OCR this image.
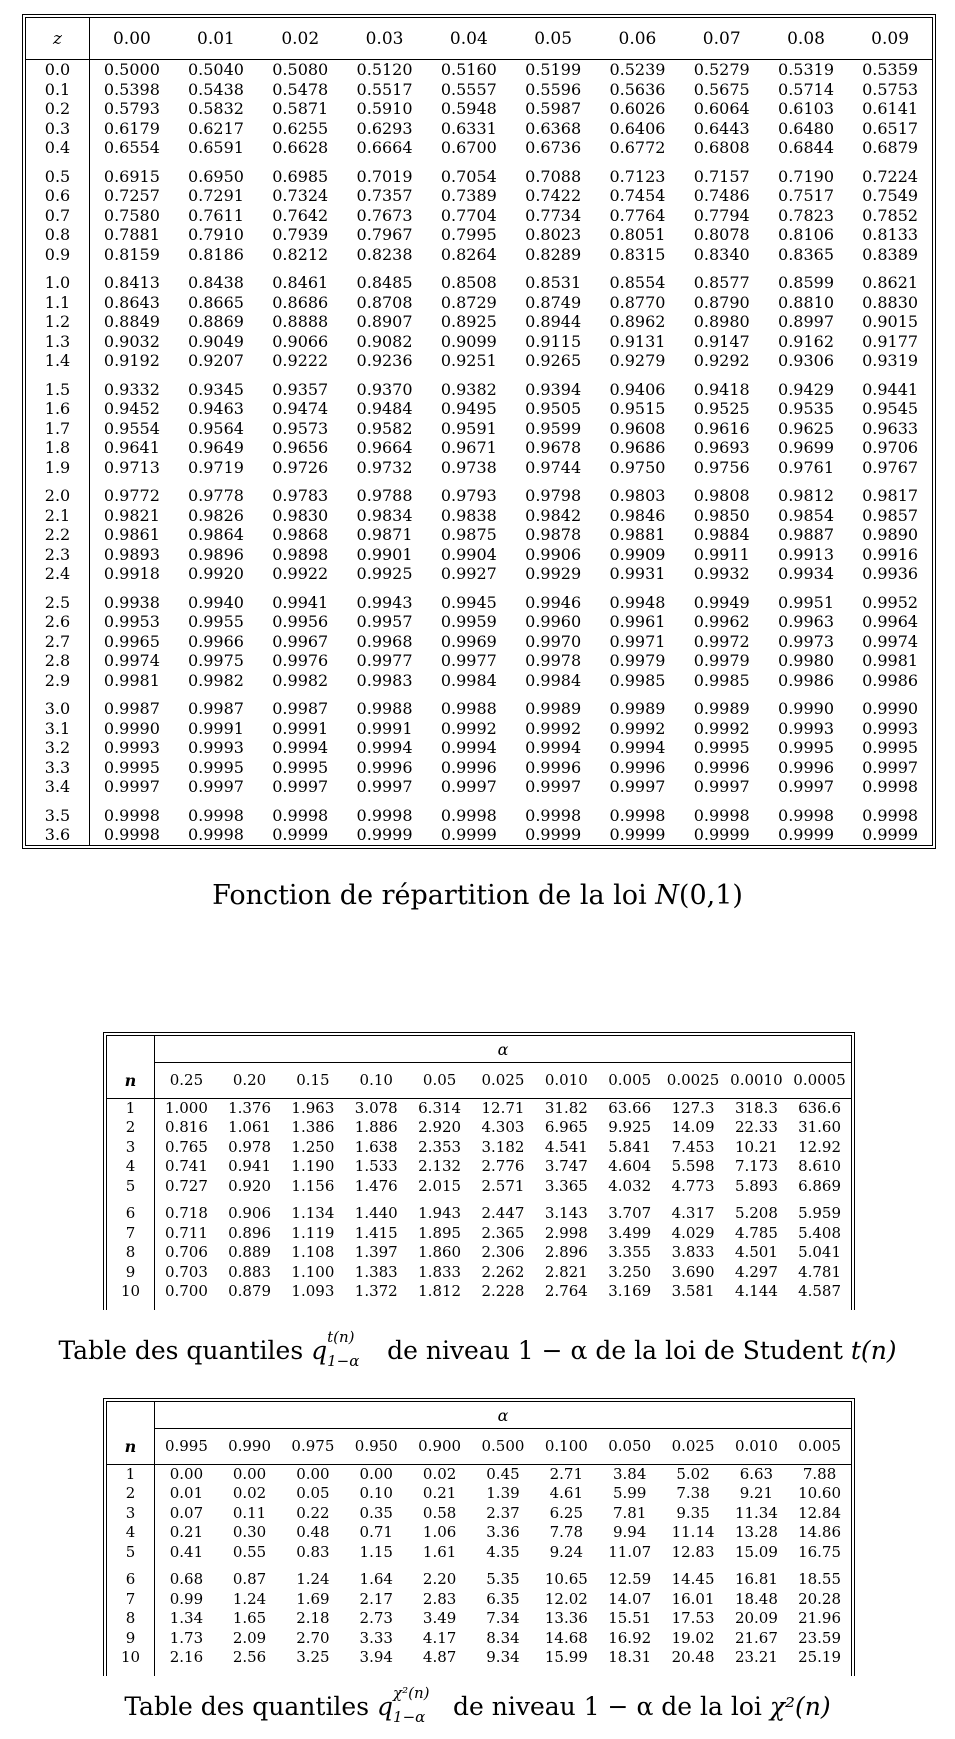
z	0.00	0.01	0.02	0.03	0.04	0.05	0.06	0.07	0.08	0.09
0.0	0.5000	0.5040	0.5080	0.5120	0.5160	0.5199	0.5239	0.5279	0.5319	0.5359
0.1	0.5398	0.5438	0.5478	0.5517	0.5557	0.5596	0.5636	0.5675	0.5714	0.5753
0.2	0.5793	0.5832	0.5871	0.5910	0.5948	0.5987	0.6026	0.6064	0.6103	0.6141
0.3	0.6179	0.6217	0.6255	0.6293	0.6331	0.6368	0.6406	0.6443	0.6480	0.6517
0.4	0.6554	0.6591	0.6628	0.6664	0.6700	0.6736	0.6772	0.6808	0.6844	0.6879

0.5	0.6915	0.6950	0.6985	0.7019	0.7054	0.7088	0.7123	0.7157	0.7190	0.7224
0.6	0.7257	0.7291	0.7324	0.7357	0.7389	0.7422	0.7454	0.7486	0.7517	0.7549
0.7	0.7580	0.7611	0.7642	0.7673	0.7704	0.7734	0.7764	0.7794	0.7823	0.7852
0.8	0.7881	0.7910	0.7939	0.7967	0.7995	0.8023	0.8051	0.8078	0.8106	0.8133
0.9	0.8159	0.8186	0.8212	0.8238	0.8264	0.8289	0.8315	0.8340	0.8365	0.8389

1.0	0.8413	0.8438	0.8461	0.8485	0.8508	0.8531	0.8554	0.8577	0.8599	0.8621
1.1	0.8643	0.8665	0.8686	0.8708	0.8729	0.8749	0.8770	0.8790	0.8810	0.8830
1.2	0.8849	0.8869	0.8888	0.8907	0.8925	0.8944	0.8962	0.8980	0.8997	0.9015
1.3	0.9032	0.9049	0.9066	0.9082	0.9099	0.9115	0.9131	0.9147	0.9162	0.9177
1.4	0.9192	0.9207	0.9222	0.9236	0.9251	0.9265	0.9279	0.9292	0.9306	0.9319

1.5	0.9332	0.9345	0.9357	0.9370	0.9382	0.9394	0.9406	0.9418	0.9429	0.9441
1.6	0.9452	0.9463	0.9474	0.9484	0.9495	0.9505	0.9515	0.9525	0.9535	0.9545
1.7	0.9554	0.9564	0.9573	0.9582	0.9591	0.9599	0.9608	0.9616	0.9625	0.9633
1.8	0.9641	0.9649	0.9656	0.9664	0.9671	0.9678	0.9686	0.9693	0.9699	0.9706
1.9	0.9713	0.9719	0.9726	0.9732	0.9738	0.9744	0.9750	0.9756	0.9761	0.9767

2.0	0.9772	0.9778	0.9783	0.9788	0.9793	0.9798	0.9803	0.9808	0.9812	0.9817
2.1	0.9821	0.9826	0.9830	0.9834	0.9838	0.9842	0.9846	0.9850	0.9854	0.9857
2.2	0.9861	0.9864	0.9868	0.9871	0.9875	0.9878	0.9881	0.9884	0.9887	0.9890
2.3	0.9893	0.9896	0.9898	0.9901	0.9904	0.9906	0.9909	0.9911	0.9913	0.9916
2.4	0.9918	0.9920	0.9922	0.9925	0.9927	0.9929	0.9931	0.9932	0.9934	0.9936

2.5	0.9938	0.9940	0.9941	0.9943	0.9945	0.9946	0.9948	0.9949	0.9951	0.9952
2.6	0.9953	0.9955	0.9956	0.9957	0.9959	0.9960	0.9961	0.9962	0.9963	0.9964
2.7	0.9965	0.9966	0.9967	0.9968	0.9969	0.9970	0.9971	0.9972	0.9973	0.9974
2.8	0.9974	0.9975	0.9976	0.9977	0.9977	0.9978	0.9979	0.9979	0.9980	0.9981
2.9	0.9981	0.9982	0.9982	0.9983	0.9984	0.9984	0.9985	0.9985	0.9986	0.9986

3.0	0.9987	0.9987	0.9987	0.9988	0.9988	0.9989	0.9989	0.9989	0.9990	0.9990
3.1	0.9990	0.9991	0.9991	0.9991	0.9992	0.9992	0.9992	0.9992	0.9993	0.9993
3.2	0.9993	0.9993	0.9994	0.9994	0.9994	0.9994	0.9994	0.9995	0.9995	0.9995
3.3	0.9995	0.9995	0.9995	0.9996	0.9996	0.9996	0.9996	0.9996	0.9996	0.9997
3.4	0.9997	0.9997	0.9997	0.9997	0.9997	0.9997	0.9997	0.9997	0.9997	0.9998

3.5	0.9998	0.9998	0.9998	0.9998	0.9998	0.9998	0.9998	0.9998	0.9998	0.9998
3.6	0.9998	0.9998	0.9999	0.9999	0.9999	0.9999	0.9999	0.9999	0.9999	0.9999
Fonction de répartition de la loi N(0,1)
	α										
n	0.25	0.20	0.15	0.10	0.05	0.025	0.010	0.005	0.0025	0.0010	0.0005
1	1.000	1.376	1.963	3.078	6.314	12.71	31.82	63.66	127.3	318.3	636.6
2	0.816	1.061	1.386	1.886	2.920	4.303	6.965	9.925	14.09	22.33	31.60
3	0.765	0.978	1.250	1.638	2.353	3.182	4.541	5.841	7.453	10.21	12.92
4	0.741	0.941	1.190	1.533	2.132	2.776	3.747	4.604	5.598	7.173	8.610
5	0.727	0.920	1.156	1.476	2.015	2.571	3.365	4.032	4.773	5.893	6.869

6	0.718	0.906	1.134	1.440	1.943	2.447	3.143	3.707	4.317	5.208	5.959
7	0.711	0.896	1.119	1.415	1.895	2.365	2.998	3.499	4.029	4.785	5.408
8	0.706	0.889	1.108	1.397	1.860	2.306	2.896	3.355	3.833	4.501	5.041
9	0.703	0.883	1.100	1.383	1.833	2.262	2.821	3.250	3.690	4.297	4.781
10	0.700	0.879	1.093	1.372	1.812	2.228	2.764	3.169	3.581	4.144	4.587

Table des quantiles q t(n)
1−α de niveau 1 − α de la loi de Student t(n)
	α										
n	0.995	0.990	0.975	0.950	0.900	0.500	0.100	0.050	0.025	0.010	0.005
1	0.00	0.00	0.00	0.00	0.02	0.45	2.71	3.84	5.02	6.63	7.88
2	0.01	0.02	0.05	0.10	0.21	1.39	4.61	5.99	7.38	9.21	10.60
3	0.07	0.11	0.22	0.35	0.58	2.37	6.25	7.81	9.35	11.34	12.84
4	0.21	0.30	0.48	0.71	1.06	3.36	7.78	9.94	11.14	13.28	14.86
5	0.41	0.55	0.83	1.15	1.61	4.35	9.24	11.07	12.83	15.09	16.75

6	0.68	0.87	1.24	1.64	2.20	5.35	10.65	12.59	14.45	16.81	18.55
7	0.99	1.24	1.69	2.17	2.83	6.35	12.02	14.07	16.01	18.48	20.28
8	1.34	1.65	2.18	2.73	3.49	7.34	13.36	15.51	17.53	20.09	21.96
9	1.73	2.09	2.70	3.33	4.17	8.34	14.68	16.92	19.02	21.67	23.59
10	2.16	2.56	3.25	3.94	4.87	9.34	15.99	18.31	20.48	23.21	25.19

Table des quantiles q χ²(n)
1−α de niveau 1 − α de la loi χ²(n)
